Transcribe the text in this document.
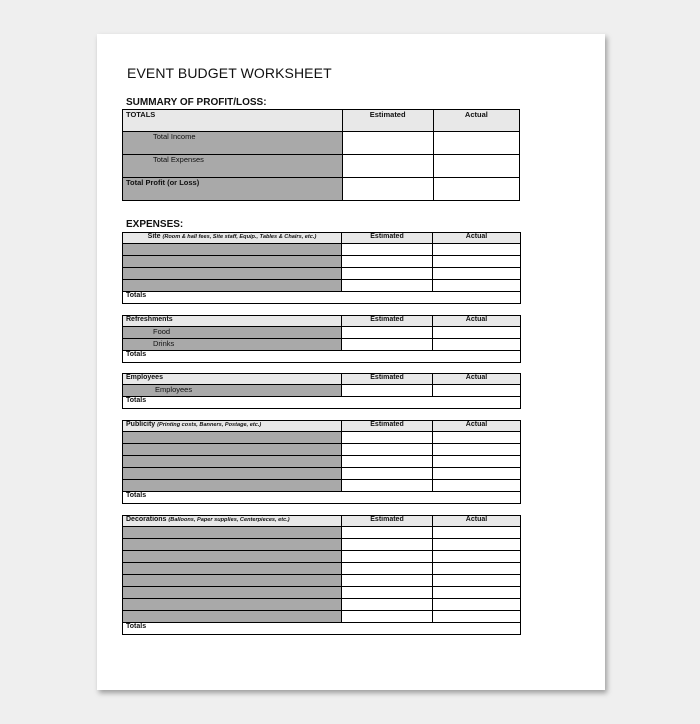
EVENT BUDGET WORKSHEET
SUMMARY OF PROFIT/LOSS:
TOTALS	Estimated	Actual
Total Income		
Total Expenses		
Total Profit (or Loss)		
EXPENSES:
Site (Room & hall fees, Site staff, Equip., Tables & Chairs, etc.)	Estimated	Actual

Totals		
Refreshments	Estimated	Actual
Food		
Drinks		
Totals		
Employees	Estimated	Actual
Employees		
Totals		
Publicity (Printing costs, Banners, Postage, etc.)	Estimated	Actual

Totals		
Decorations (Balloons, Paper supplies, Centerpieces, etc.)	Estimated	Actual

Totals		
